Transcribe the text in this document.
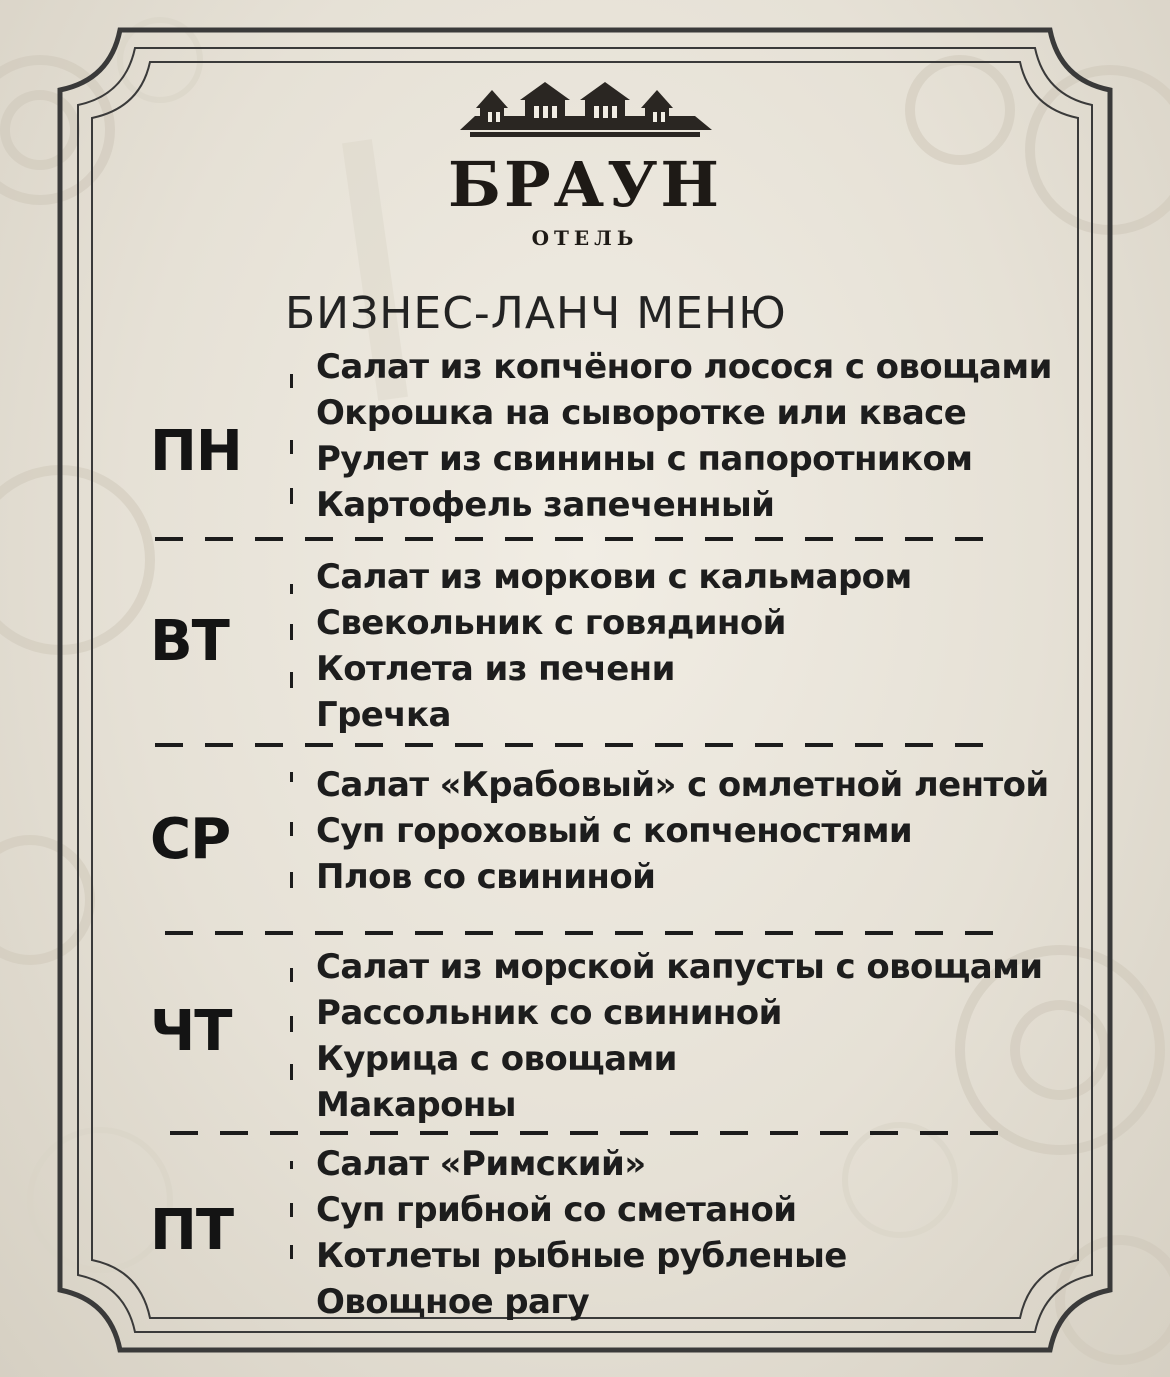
БРАУН
ОТЕЛЬ
БИЗНЕС-ЛАНЧ МЕНЮ
ПН
Салат из копчёного лосося с овощами
Окрошка на сыворотке или квасе
Рулет из свинины с папоротником
Картофель запеченный
ВТ
Салат из моркови с кальмаром
Свекольник с говядиной
Котлета из печени
Гречка
СР
Салат «Крабовый» с омлетной лентой
Суп гороховый с копченостями
Плов со свининой
ЧТ
Салат из морской капусты с овощами
Рассольник со свининой
Курица с овощами
Макароны
ПТ
Салат «Римский»
Суп грибной со сметаной
Котлеты рыбные рубленые
Овощное рагу
